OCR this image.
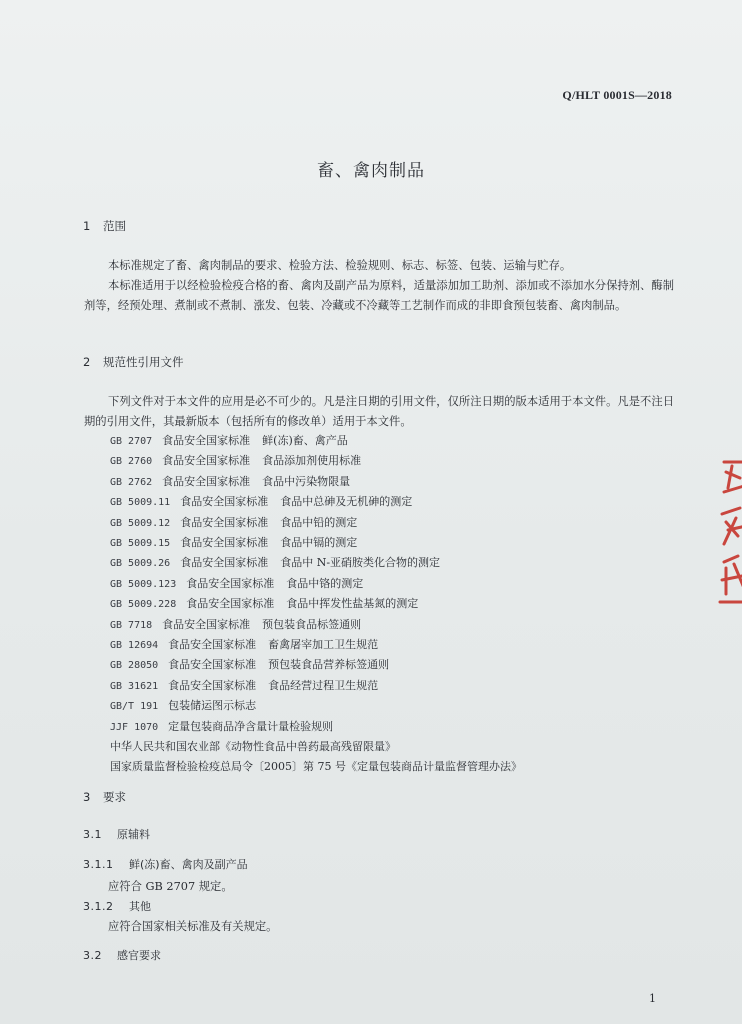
Q/HLT 0001S—2018
畜、禽肉制品
1 范围
本标准规定了畜、禽肉制品的要求、检验方法、检验规则、标志、标签、包装、运输与贮存。
本标准适用于以经检验检疫合格的畜、禽肉及副产品为原料，适量添加加工助剂、添加或不添加水分保持剂、酶制剂等，经预处理、煮制或不煮制、涨发、包装、冷藏或不冷藏等工艺制作而成的非即食预包装畜、禽肉制品。
2 规范性引用文件
下列文件对于本文件的应用是必不可少的。凡是注日期的引用文件，仅所注日期的版本适用于本文件。凡是不注日期的引用文件，其最新版本（包括所有的修改单）适用于本文件。
GB 2707 食品安全国家标准 鲜(冻)畜、禽产品
GB 2760 食品安全国家标准 食品添加剂使用标准
GB 2762 食品安全国家标准 食品中污染物限量
GB 5009.11 食品安全国家标准 食品中总砷及无机砷的测定
GB 5009.12 食品安全国家标准 食品中铅的测定
GB 5009.15 食品安全国家标准 食品中镉的测定
GB 5009.26 食品安全国家标准 食品中 N-亚硝胺类化合物的测定
GB 5009.123 食品安全国家标准 食品中铬的测定
GB 5009.228 食品安全国家标准 食品中挥发性盐基氮的测定
GB 7718 食品安全国家标准 预包装食品标签通则
GB 12694 食品安全国家标准 畜禽屠宰加工卫生规范
GB 28050 食品安全国家标准 预包装食品营养标签通则
GB 31621 食品安全国家标准 食品经营过程卫生规范
GB/T 191 包装储运图示标志
JJF 1070 定量包装商品净含量计量检验规则
中华人民共和国农业部《动物性食品中兽药最高残留限量》
国家质量监督检验检疫总局令〔2005〕第 75 号《定量包装商品计量监督管理办法》
3 要求
3.1 原辅料
3.1.1 鲜(冻)畜、禽肉及副产品
应符合 GB 2707 规定。
3.1.2 其他
应符合国家相关标准及有关规定。
3.2 感官要求
1
